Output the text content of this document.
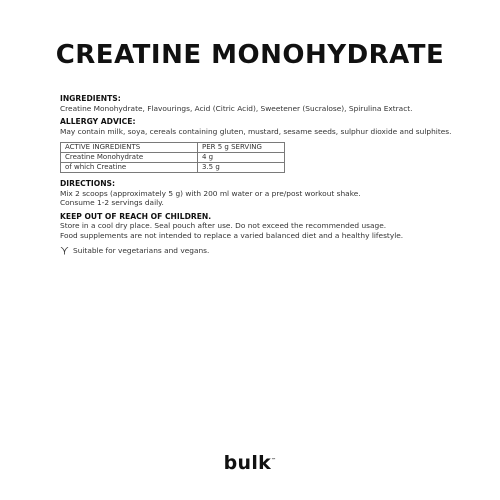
CREATINE MONOHYDRATE
INGREDIENTS:

Creatine Monohydrate, Flavourings, Acid (Citric Acid), Sweetener (Sucralose), Spirulina Extract.

ALLERGY ADVICE:

May contain milk, soya, cereals containing gluten, mustard, sesame seeds, sulphur dioxide and sulphites.

ACTIVE INGREDIENTS	PER 5 g SERVING
Creatine Monohydrate	4 g
of which Creatine	3.5 g
DIRECTIONS:

Mix 2 scoops (approximately 5 g) with 200 ml water or a pre/post workout shake.

Consume 1-2 servings daily.

KEEP OUT OF REACH OF CHILDREN.

Store in a cool dry place. Seal pouch after use. Do not exceed the recommended usage.

Food supplements are not intended to replace a varied balanced diet and a healthy lifestyle.

Suitable for vegetarians and vegans.
bulk™
